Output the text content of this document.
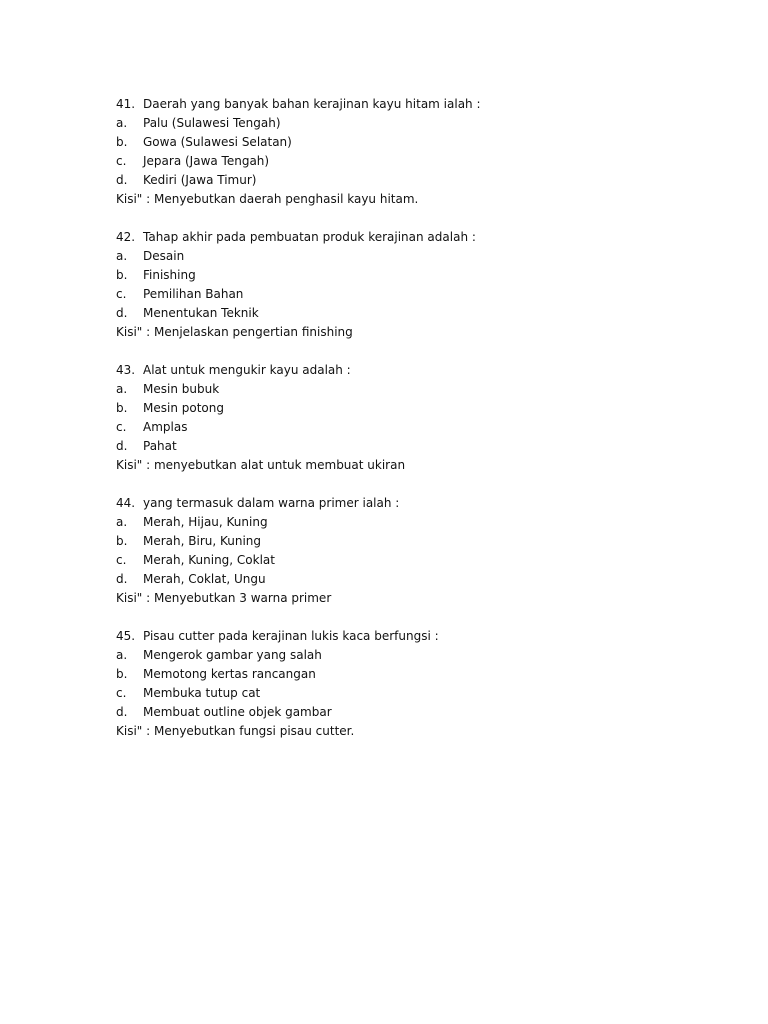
41. Daerah yang banyak bahan kerajinan kayu hitam ialah :
a.	Palu (Sulawesi Tengah)
b.	Gowa (Sulawesi Selatan)
c.	Jepara (Jawa Tengah)
d.	Kediri (Jawa Timur)
Kisi" : Menyebutkan daerah penghasil kayu hitam.
42. Tahap akhir pada pembuatan produk kerajinan adalah :
a.	Desain
b.	Finishing
c.	Pemilihan Bahan
d.	Menentukan Teknik
Kisi" : Menjelaskan pengertian finishing
43. Alat untuk mengukir kayu adalah :
a.	Mesin bubuk
b.	Mesin potong
c.	Amplas
d.	Pahat
Kisi" : menyebutkan alat untuk membuat ukiran
44. yang termasuk dalam warna primer ialah :
a.	Merah, Hijau, Kuning
b.	Merah, Biru, Kuning
c.	Merah, Kuning, Coklat
d.	Merah, Coklat, Ungu
Kisi" : Menyebutkan 3 warna primer
45. Pisau cutter pada kerajinan lukis kaca berfungsi :
a.	Mengerok gambar yang salah
b.	Memotong kertas rancangan
c.	Membuka tutup cat
d.	Membuat outline objek gambar
Kisi" : Menyebutkan fungsi pisau cutter.
